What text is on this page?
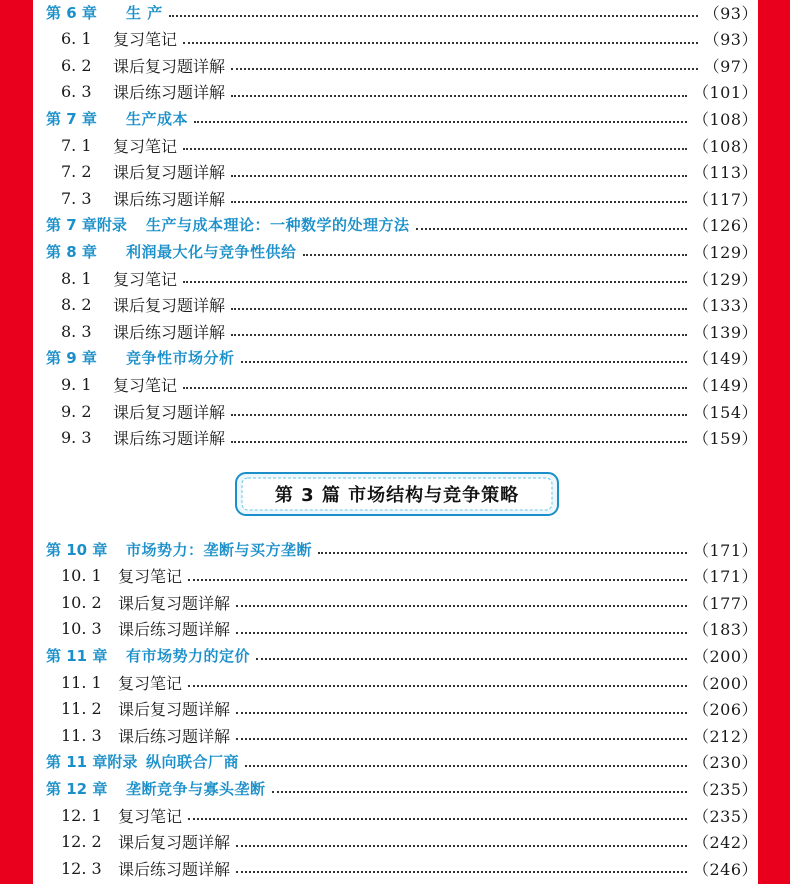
第 6 章	生 产	（93）
6. 1	复习笔记	（93）
6. 2	课后复习题详解	（97）
6. 3	课后练习题详解	（101）
第 7 章	生产成本	（108）
7. 1	复习笔记	（108）
7. 2	课后复习题详解	（113）
7. 3	课后练习题详解	（117）
第 7 章附录	生产与成本理论：一种数学的处理方法	（126）
第 8 章	利润最大化与竞争性供给	（129）
8. 1	复习笔记	（129）
8. 2	课后复习题详解	（133）
8. 3	课后练习题详解	（139）
第 9 章	竞争性市场分析	（149）
9. 1	复习笔记	（149）
9. 2	课后复习题详解	（154）
9. 3	课后练习题详解	（159）
第 10 章	市场势力：垄断与买方垄断	（171）
10. 1	复习笔记	（171）
10. 2	课后复习题详解	（177）
10. 3	课后练习题详解	（183）
第 11 章	有市场势力的定价	（200）
11. 1	复习笔记	（200）
11. 2	课后复习题详解	（206）
11. 3	课后练习题详解	（212）
第 11 章附录 纵向联合厂商	（230）
第 12 章	垄断竞争与寡头垄断	（235）
12. 1	复习笔记	（235）
12. 2	课后复习题详解	（242）
12. 3	课后练习题详解	（246）
第 3 篇 市场结构与竞争策略
